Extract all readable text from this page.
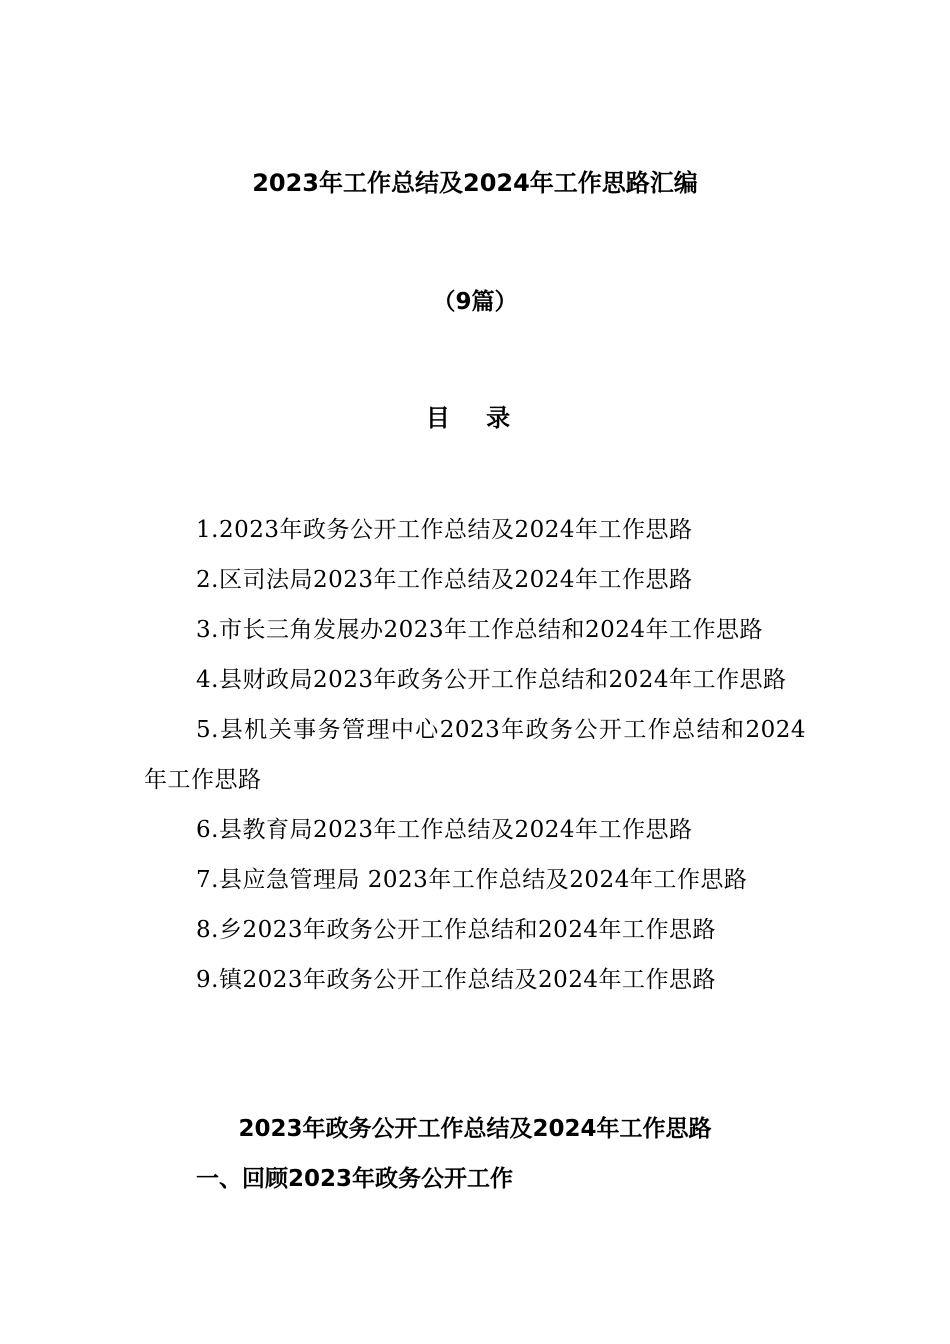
2023年工作总结及2024年工作思路汇编
（9篇）
目 录
1.2023年政务公开工作总结及2024年工作思路
2.区司法局2023年工作总结及2024年工作思路
3.市长三角发展办2023年工作总结和2024年工作思路
4.县财政局2023年政务公开工作总结和2024年工作思路
5.县机关事务管理中心2023年政务公开工作总结和2024年工作思路
6.县教育局2023年工作总结及2024年工作思路
7.县应急管理局 2023年工作总结及2024年工作思路
8.乡2023年政务公开工作总结和2024年工作思路
9.镇2023年政务公开工作总结及2024年工作思路
2023年政务公开工作总结及2024年工作思路
一、回顾2023年政务公开工作
